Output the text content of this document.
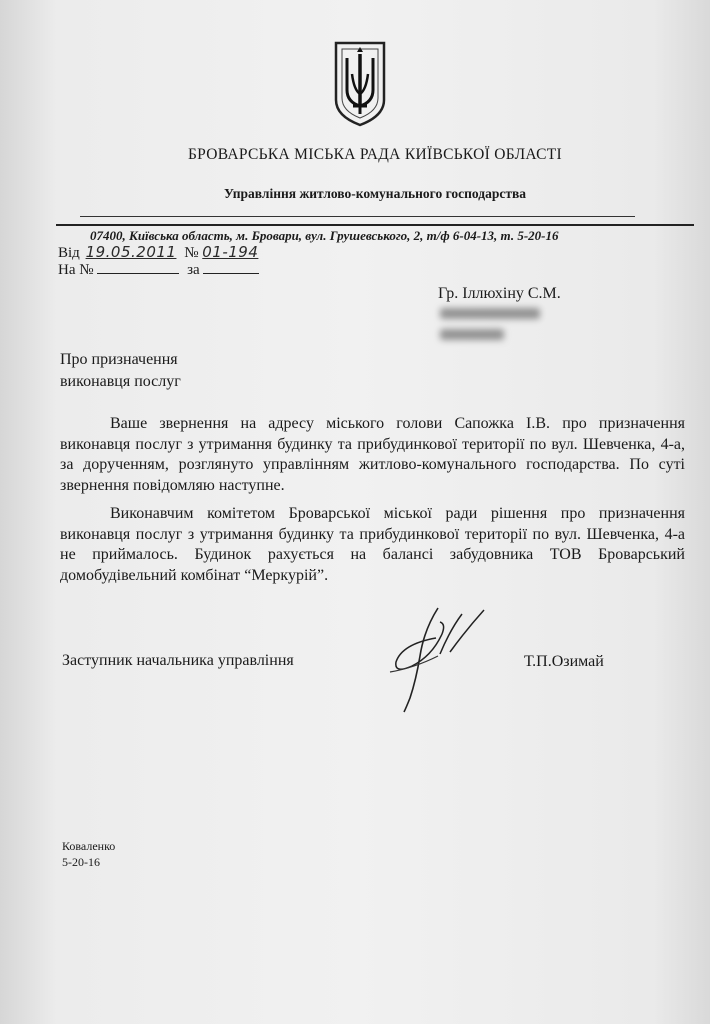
БРОВАРСЬКА МІСЬКА РАДА КИЇВСЬКОЇ ОБЛАСТІ
Управління житлово-комунального господарства
07400, Київська область, м. Бровари, вул. Грушевського, 2, т/ф 6-04-13, т. 5-20-16
Від 19.05.2011 № 01-194
На №	за
Гр. Іллюхіну С.М.
Про призначення
виконавця послуг

Ваше звернення на адресу міського голови Сапожка І.В. про призначення виконавця послуг з утримання будинку та прибудинкової території по вул. Шевченка, 4-а, за дорученням, розглянуто управлінням житлово-комунального господарства. По суті звернення повідомляю наступне.

Виконавчим комітетом Броварської міської ради рішення про призначення виконавця послуг з утримання будинку та прибудинкової території по вул. Шевченка, 4-а не приймалось. Будинок рахується на балансі забудовника ТОВ Броварський домобудівельний комбінат “Меркурій”.

Заступник начальника управління	Т.П.Озимай
Коваленко
5-20-16
